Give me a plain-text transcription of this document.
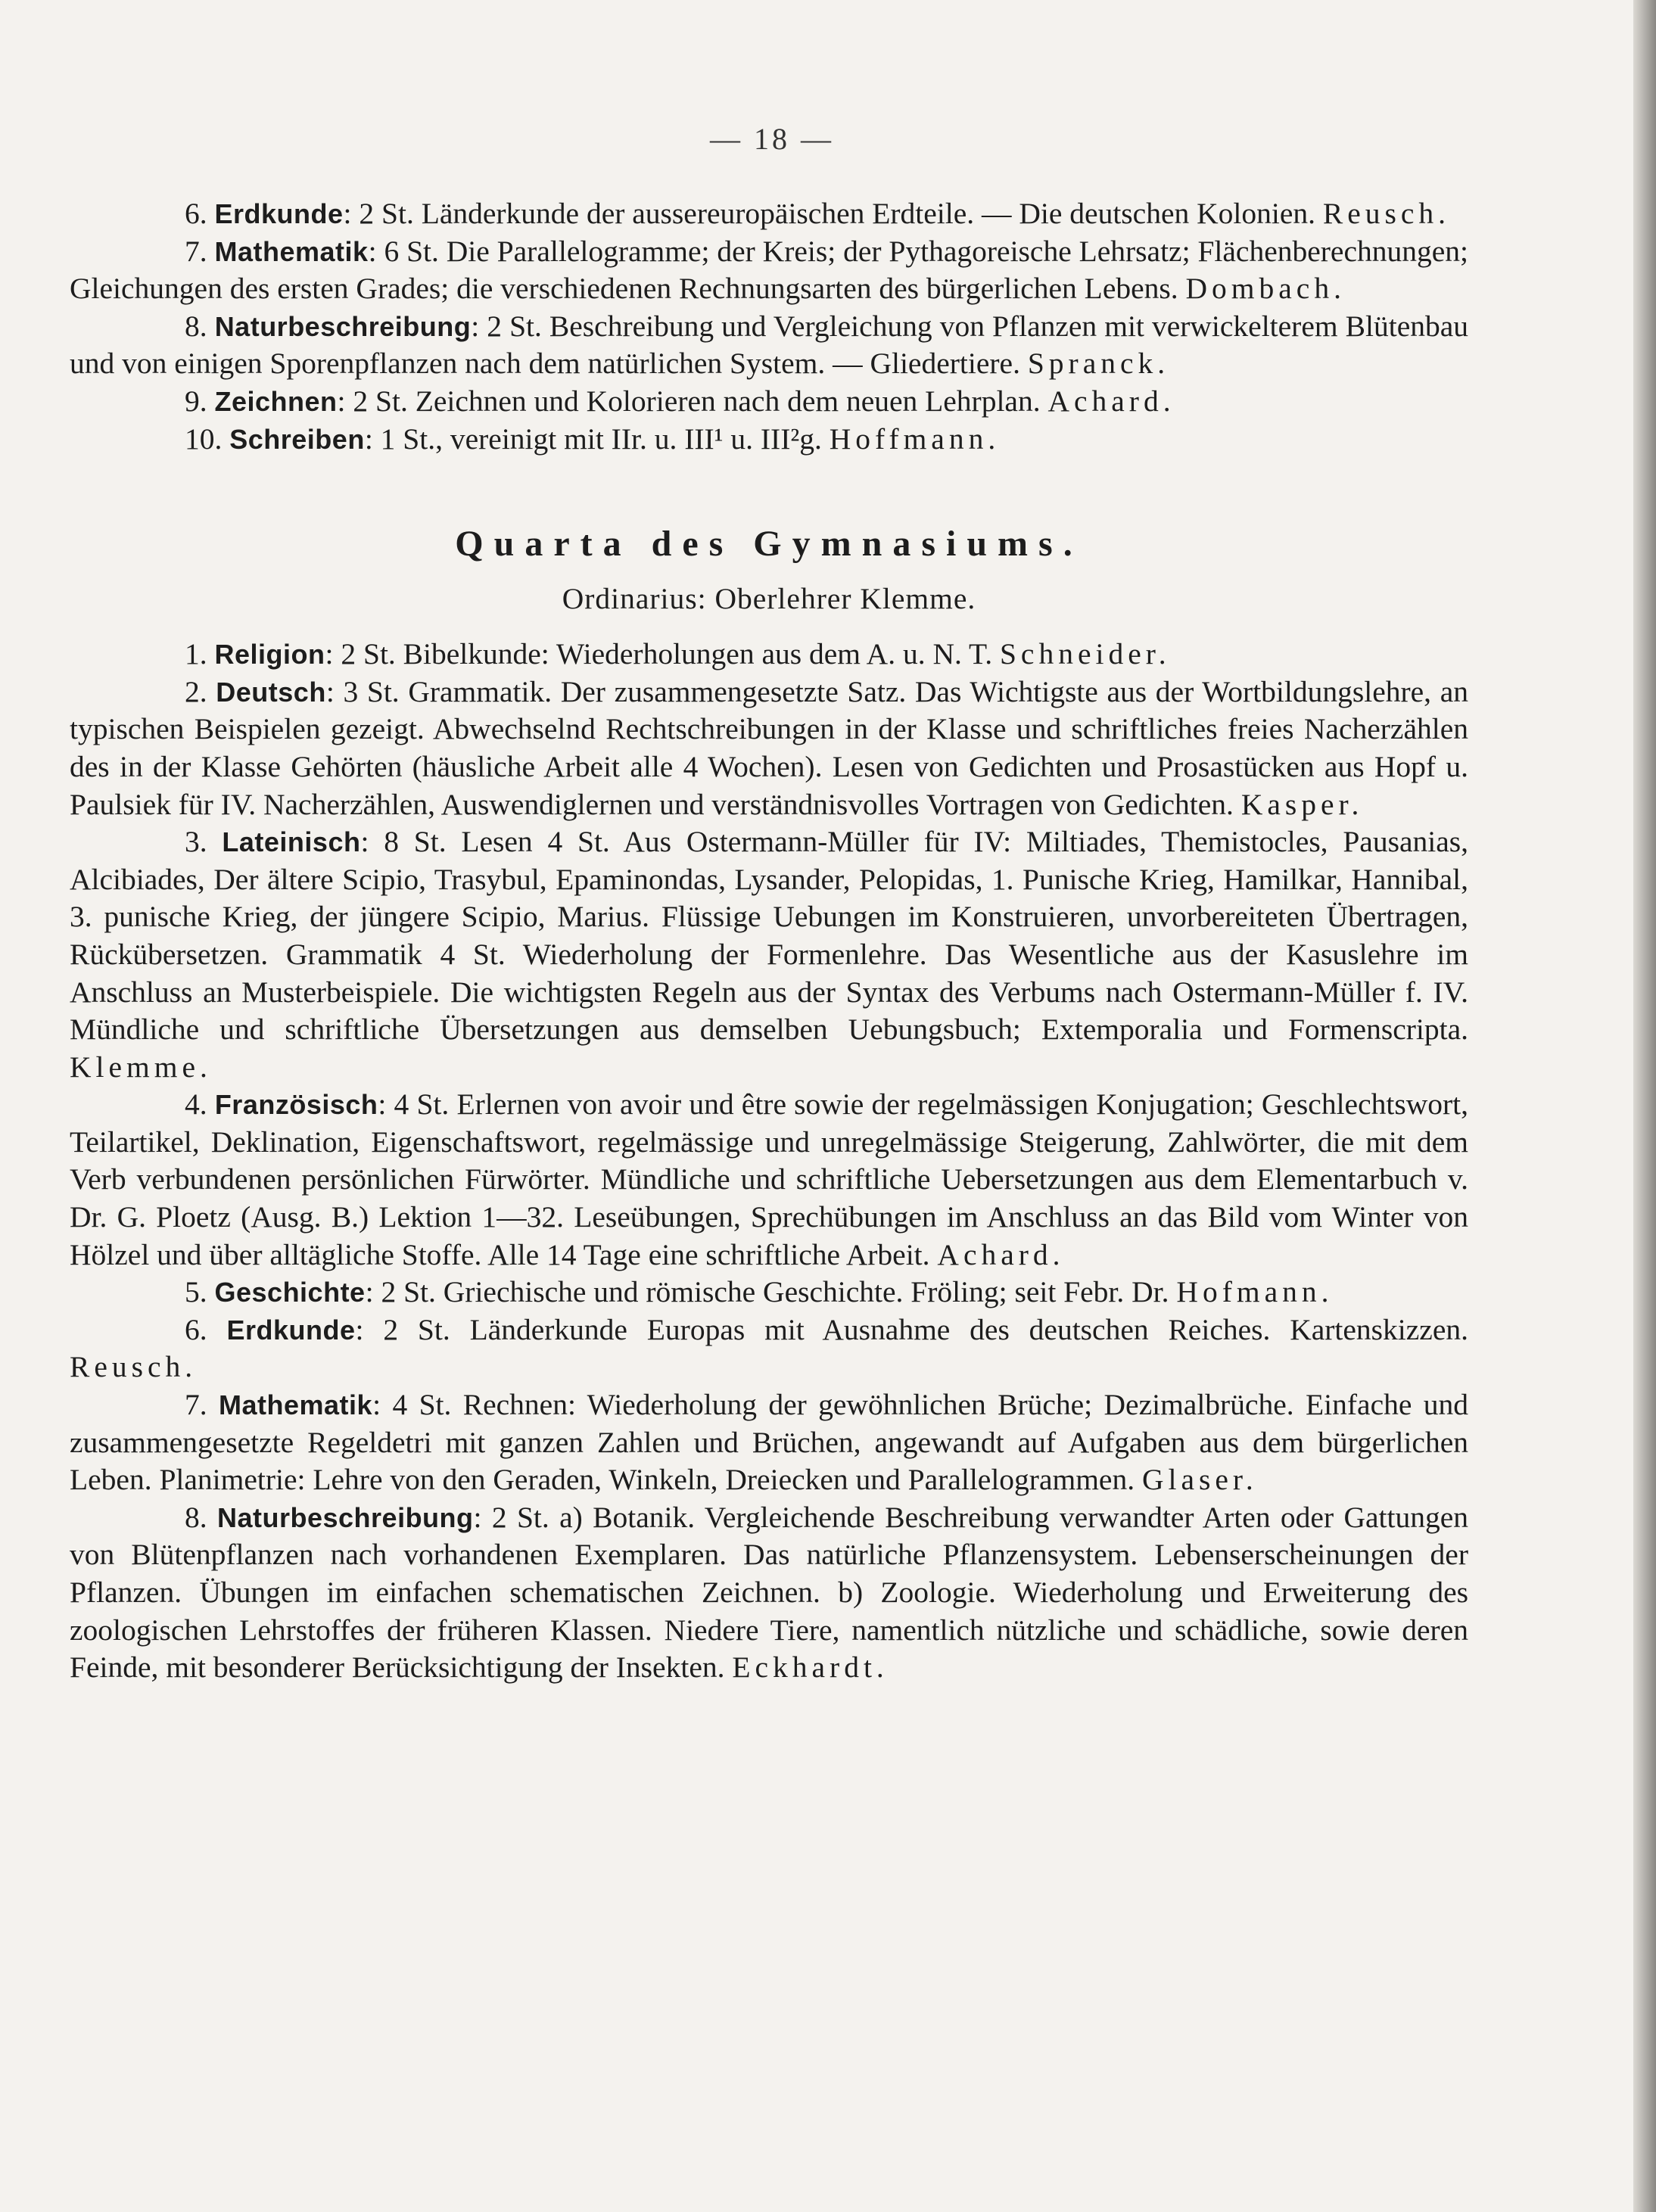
— 18 —

6. Erdkunde: 2 St. Länderkunde der aussereuropäischen Erdteile. — Die deutschen Kolonien. Reusch.

7. Mathematik: 6 St. Die Parallelogramme; der Kreis; der Pythagoreische Lehrsatz; Flächenberechnungen; Gleichungen des ersten Grades; die verschiedenen Rechnungsarten des bürgerlichen Lebens. Dombach.

8. Naturbeschreibung: 2 St. Beschreibung und Vergleichung von Pflanzen mit verwickelterem Blütenbau und von einigen Sporenpflanzen nach dem natürlichen System. — Gliedertiere. Spranck.

9. Zeichnen: 2 St. Zeichnen und Kolorieren nach dem neuen Lehrplan. Achard.

10. Schreiben: 1 St., vereinigt mit IIr. u. III¹ u. III²g. Hoffmann.

Quarta des Gymnasiums.
Ordinarius: Oberlehrer Klemme.

1. Religion: 2 St. Bibelkunde: Wiederholungen aus dem A. u. N. T. Schneider.

2. Deutsch: 3 St. Grammatik. Der zusammengesetzte Satz. Das Wichtigste aus der Wortbildungslehre, an typischen Beispielen gezeigt. Abwechselnd Rechtschreibungen in der Klasse und schriftliches freies Nacherzählen des in der Klasse Gehörten (häusliche Arbeit alle 4 Wochen). Lesen von Gedichten und Prosastücken aus Hopf u. Paulsiek für IV. Nacherzählen, Auswendiglernen und verständnisvolles Vortragen von Gedichten. Kasper.

3. Lateinisch: 8 St. Lesen 4 St. Aus Ostermann-Müller für IV: Miltiades, Themistocles, Pausanias, Alcibiades, Der ältere Scipio, Trasybul, Epaminondas, Lysander, Pelopidas, 1. Punische Krieg, Hamilkar, Hannibal, 3. punische Krieg, der jüngere Scipio, Marius. Flüssige Uebungen im Konstruieren, unvorbereiteten Übertragen, Rückübersetzen. Grammatik 4 St. Wiederholung der Formenlehre. Das Wesentliche aus der Kasuslehre im Anschluss an Musterbeispiele. Die wichtigsten Regeln aus der Syntax des Verbums nach Ostermann-Müller f. IV. Mündliche und schriftliche Übersetzungen aus demselben Uebungsbuch; Extemporalia und Formenscripta. Klemme.

4. Französisch: 4 St. Erlernen von avoir und être sowie der regelmässigen Konjugation; Geschlechtswort, Teilartikel, Deklination, Eigenschaftswort, regelmässige und unregelmässige Steigerung, Zahlwörter, die mit dem Verb verbundenen persönlichen Fürwörter. Mündliche und schriftliche Uebersetzungen aus dem Elementarbuch v. Dr. G. Ploetz (Ausg. B.) Lektion 1—32. Leseübungen, Sprechübungen im Anschluss an das Bild vom Winter von Hölzel und über alltägliche Stoffe. Alle 14 Tage eine schriftliche Arbeit. Achard.

5. Geschichte: 2 St. Griechische und römische Geschichte. Fröling; seit Febr. Dr. Hofmann.

6. Erdkunde: 2 St. Länderkunde Europas mit Ausnahme des deutschen Reiches. Kartenskizzen. Reusch.

7. Mathematik: 4 St. Rechnen: Wiederholung der gewöhnlichen Brüche; Dezimalbrüche. Einfache und zusammengesetzte Regeldetri mit ganzen Zahlen und Brüchen, angewandt auf Aufgaben aus dem bürgerlichen Leben. Planimetrie: Lehre von den Geraden, Winkeln, Dreiecken und Parallelogrammen. Glaser.

8. Naturbeschreibung: 2 St. a) Botanik. Vergleichende Beschreibung verwandter Arten oder Gattungen von Blütenpflanzen nach vorhandenen Exemplaren. Das natürliche Pflanzensystem. Lebenserscheinungen der Pflanzen. Übungen im einfachen schematischen Zeichnen. b) Zoologie. Wiederholung und Erweiterung des zoologischen Lehrstoffes der früheren Klassen. Niedere Tiere, namentlich nützliche und schädliche, sowie deren Feinde, mit besonderer Berücksichtigung der Insekten. Eckhardt.
